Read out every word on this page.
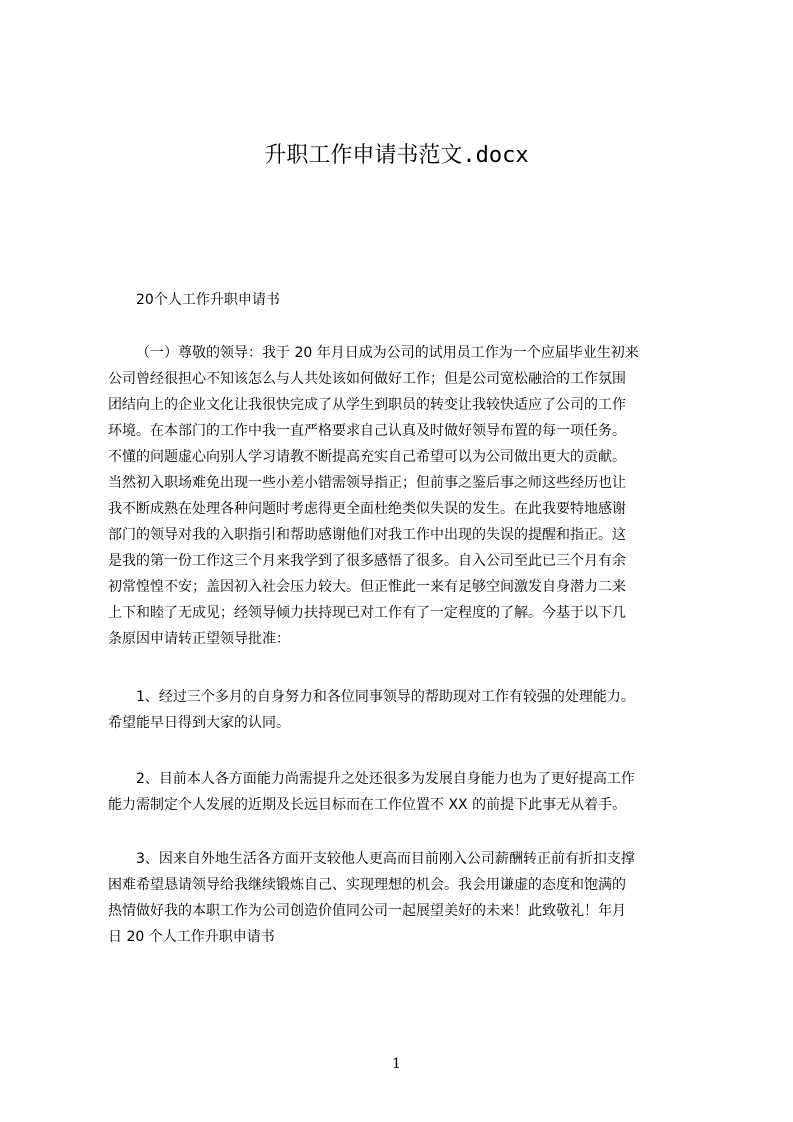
升职工作申请书范文.docx
20个人工作升职申请书
（一）尊敬的领导：我于 20 年月日成为公司的试用员工作为一个应届毕业生初来
公司曾经很担心不知该怎么与人共处该如何做好工作；但是公司宽松融洽的工作氛围
团结向上的企业文化让我很快完成了从学生到职员的转变让我较快适应了公司的工作
环境。在本部门的工作中我一直严格要求自己认真及时做好领导布置的每一项任务。
不懂的问题虚心向别人学习请教不断提高充实自己希望可以为公司做出更大的贡献。
当然初入职场难免出现一些小差小错需领导指正；但前事之鉴后事之师这些经历也让
我不断成熟在处理各种问题时考虑得更全面杜绝类似失误的发生。在此我要特地感谢
部门的领导对我的入职指引和帮助感谢他们对我工作中出现的失误的提醒和指正。这
是我的第一份工作这三个月来我学到了很多感悟了很多。自入公司至此已三个月有余
初常惶惶不安；盖因初入社会压力较大。但正惟此一来有足够空间激发自身潜力二来
上下和睦了无成见；经领导倾力扶持现已对工作有了一定程度的了解。今基于以下几
条原因申请转正望领导批准：
1、经过三个多月的自身努力和各位同事领导的帮助现对工作有较强的处理能力。
希望能早日得到大家的认同。
2、目前本人各方面能力尚需提升之处还很多为发展自身能力也为了更好提高工作
能力需制定个人发展的近期及长远目标而在工作位置不 XX 的前提下此事无从着手。
3、因来自外地生活各方面开支较他人更高而目前刚入公司薪酬转正前有折扣支撑
困难希望恳请领导给我继续锻炼自己、实现理想的机会。我会用谦虚的态度和饱满的
热情做好我的本职工作为公司创造价值同公司一起展望美好的未来！此致敬礼！年月
日 20 个人工作升职申请书
1
